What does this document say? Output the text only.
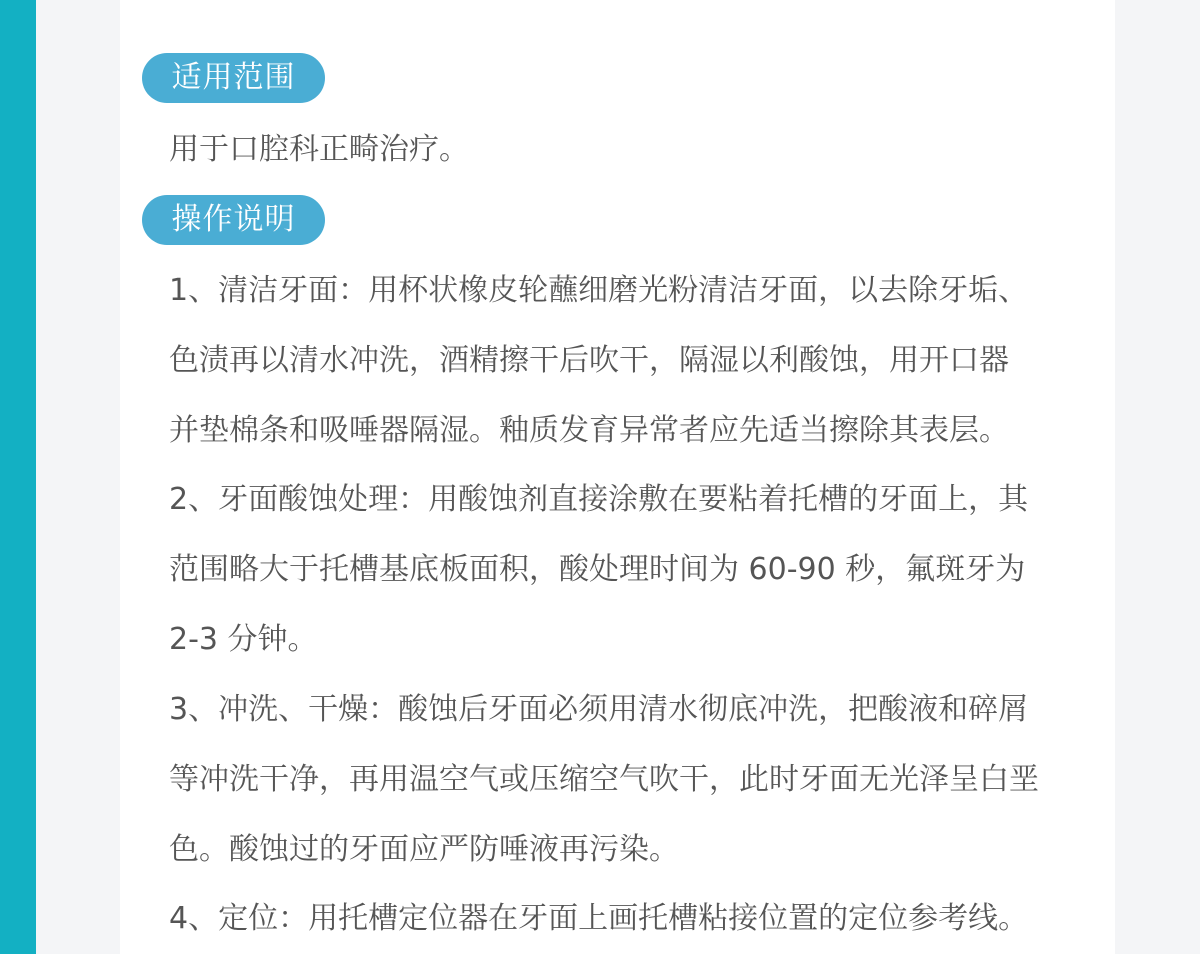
适用范围
用于口腔科正畸治疗。
操作说明
1、清洁牙面：用杯状橡皮轮蘸细磨光粉清洁牙面，以去除牙垢、
色渍再以清水冲洗，酒精擦干后吹干，隔湿以利酸蚀，用开口器
并垫棉条和吸唾器隔湿。釉质发育异常者应先适当擦除其表层。
2、牙面酸蚀处理：用酸蚀剂直接涂敷在要粘着托槽的牙面上，其
范围略大于托槽基底板面积，酸处理时间为 60-90 秒，氟斑牙为
2-3 分钟。
3、冲洗、干燥：酸蚀后牙面必须用清水彻底冲洗，把酸液和碎屑
等冲洗干净，再用温空气或压缩空气吹干，此时牙面无光泽呈白垩
色。酸蚀过的牙面应严防唾液再污染。
4、定位：用托槽定位器在牙面上画托槽粘接位置的定位参考线。
